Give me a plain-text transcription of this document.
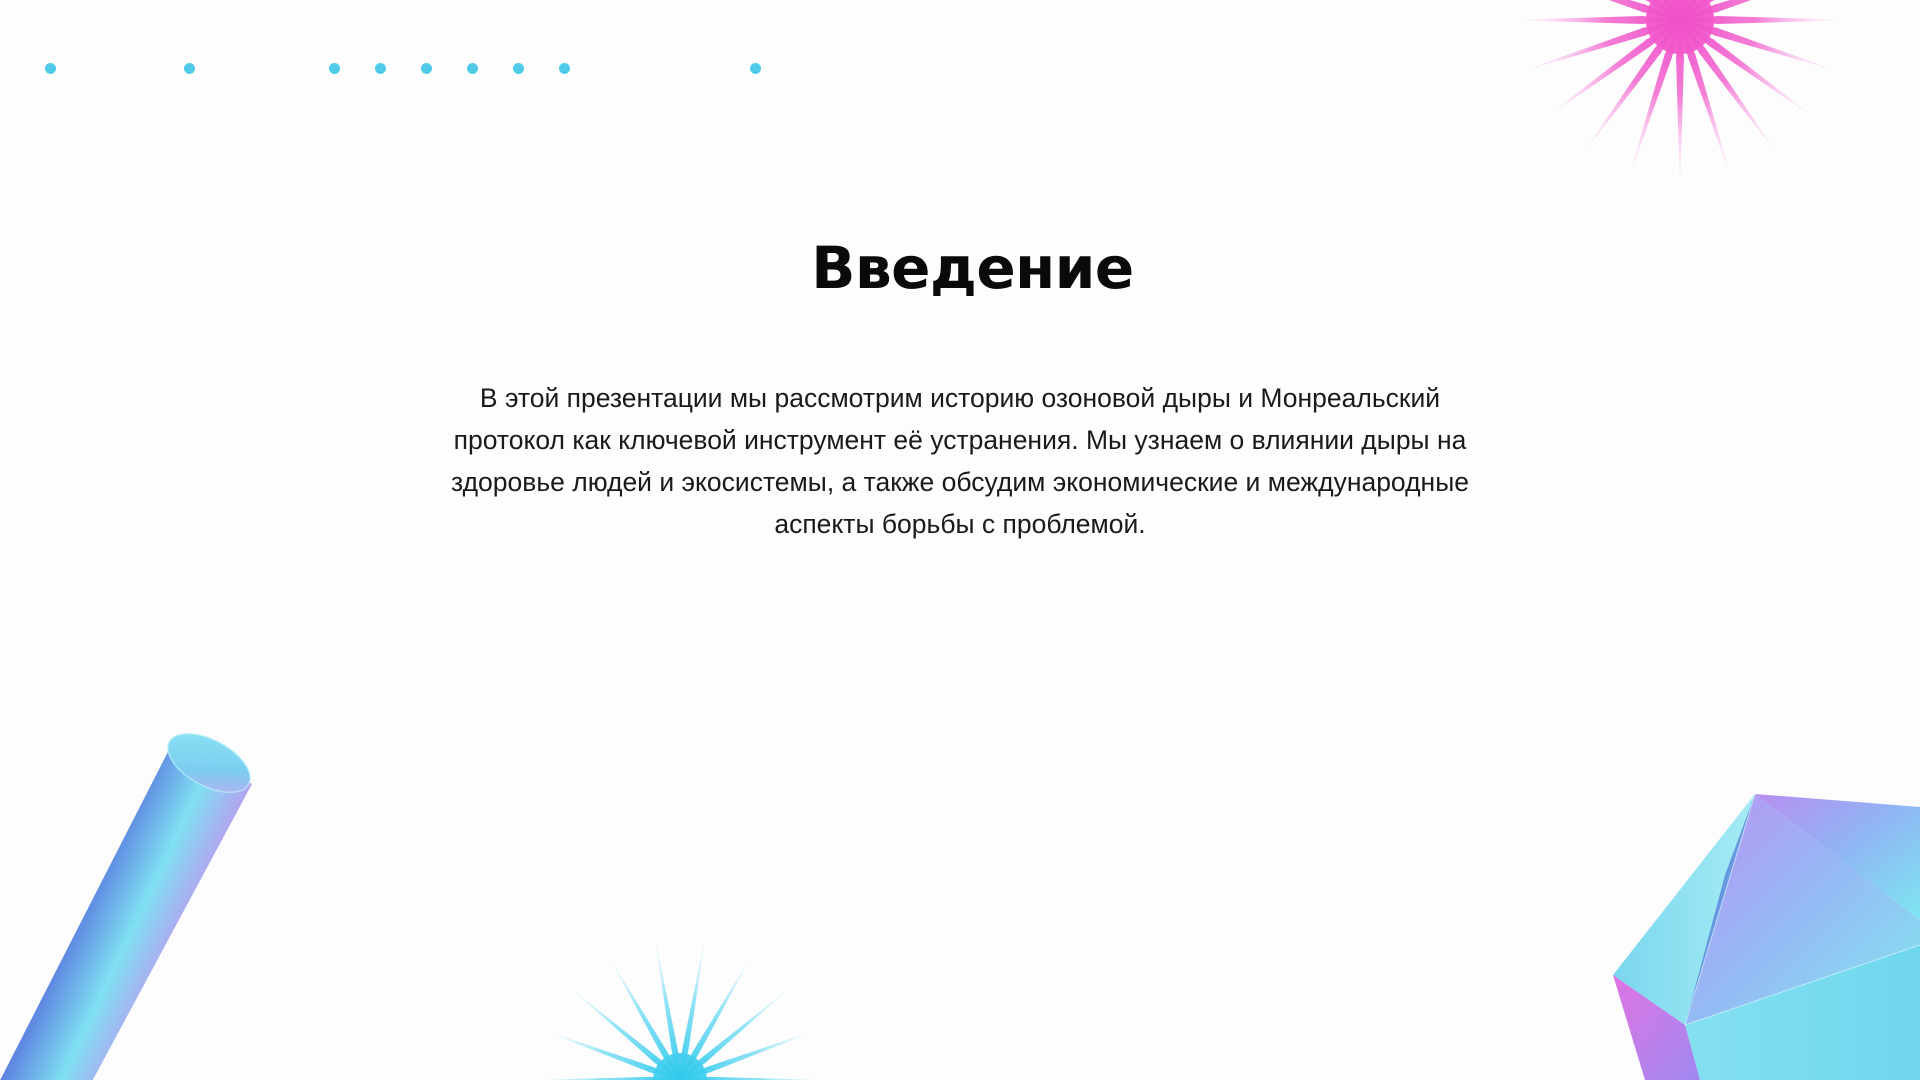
Введение
В этой презентации мы рассмотрим историю озоновой дыры и Монреальский протокол как ключевой инструмент её устранения. Мы узнаем о влиянии дыры на здоровье людей и экосистемы, а также обсудим экономические и международные аспекты борьбы с проблемой.
